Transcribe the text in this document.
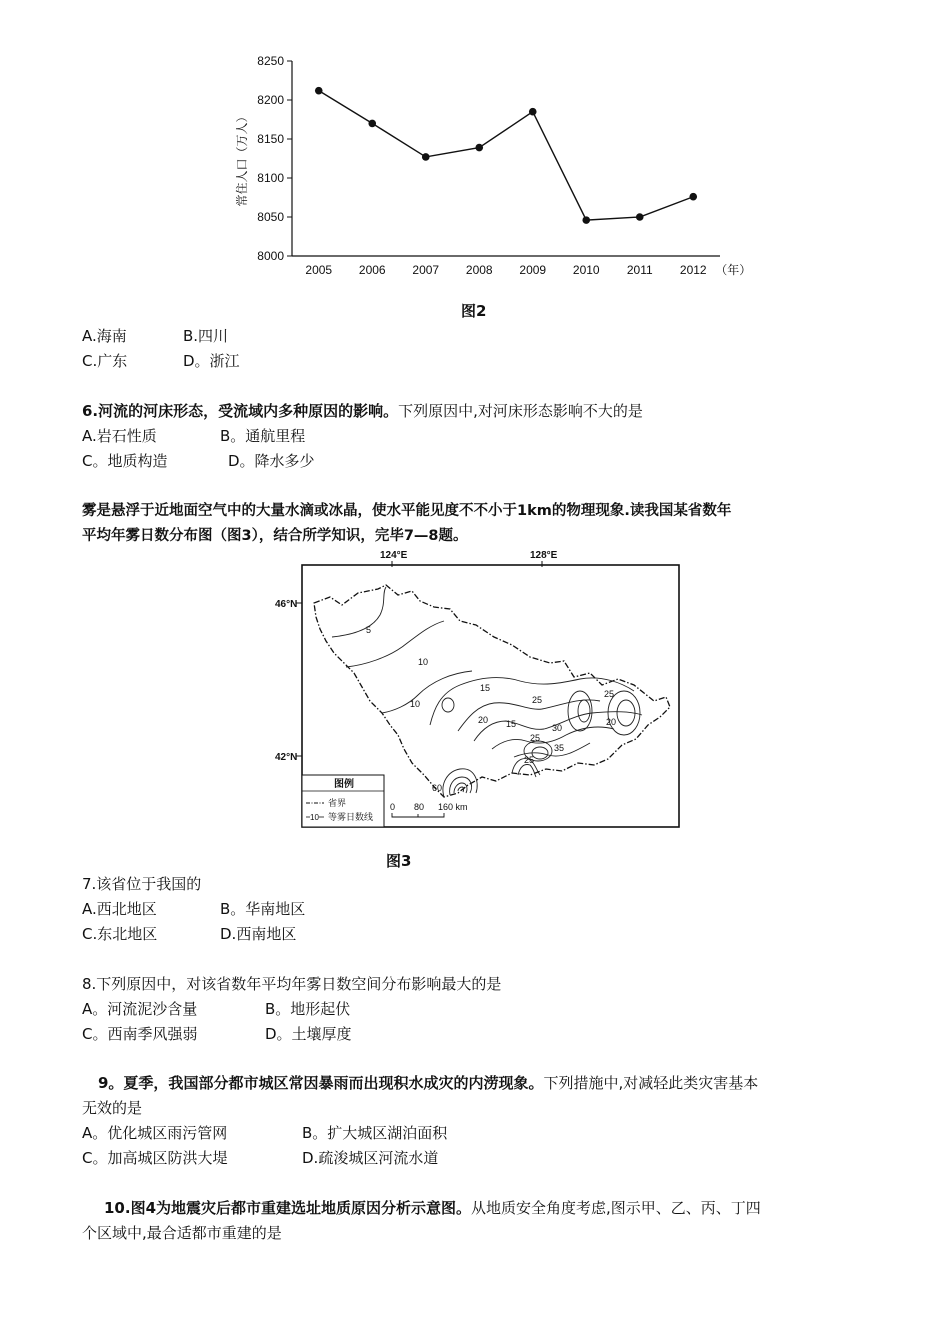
8000
8050
8100
8150
8200
8250
2005 2006 2007 2008 2009 2010 2011 2012 （年）
常住人口（万人）
图2
A.海南	B.四川
C.广东	D。浙江
6.河流的河床形态，受流域内多种原因的影响。下列原因中,对河床形态影响不大的是
A.岩石性质	B。通航里程
C。地质构造	D。降水多少
雾是悬浮于近地面空气中的大量水滴或冰晶，使水平能见度不不小于1km的物理现象.读我国某省数年
平均年雾日数分布图（图3），结合所学知识，完毕7—8题。
124°E	128°E
46°N
42°N
5
10
10
15
25
20 15
25
30
25
20
35
25
60
图例
省界
10 等雾日数线
0 80 160 km
图3
7.该省位于我国的
A.西北地区	B。华南地区
C.东北地区	D.西南地区
8.下列原因中，对该省数年平均年雾日数空间分布影响最大的是
A。河流泥沙含量	B。地形起伏
C。西南季风强弱	D。土壤厚度
9。夏季，我国部分都市城区常因暴雨而出现积水成灾的内涝现象。下列措施中,对减轻此类灾害基本
无效的是
A。优化城区雨污管网	B。扩大城区湖泊面积
C。加高城区防洪大堤	D.疏浚城区河流水道
10.图4为地震灾后都市重建选址地质原因分析示意图。从地质安全角度考虑,图示甲、乙、丙、丁四
个区域中,最合适都市重建的是
